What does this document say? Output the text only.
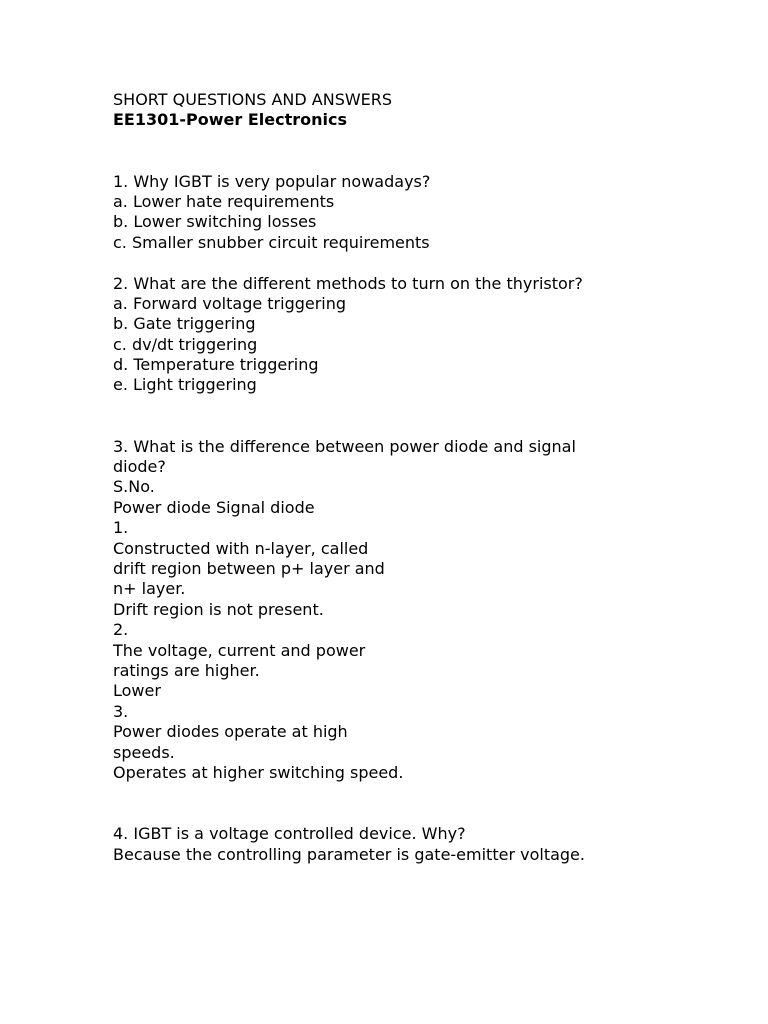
SHORT QUESTIONS AND ANSWERS
EE1301-Power Electronics
1. Why IGBT is very popular nowadays?
a. Lower hate requirements
b. Lower switching losses
c. Smaller snubber circuit requirements
2. What are the different methods to turn on the thyristor?
a. Forward voltage triggering
b. Gate triggering
c. dv/dt triggering
d. Temperature triggering
e. Light triggering
3. What is the difference between power diode and signal
diode?
S.No.
Power diode Signal diode
1.
Constructed with n-layer, called
drift region between p+ layer and
n+ layer.
Drift region is not present.
2.
The voltage, current and power
ratings are higher.
Lower
3.
Power diodes operate at high
speeds.
Operates at higher switching speed.
4. IGBT is a voltage controlled device. Why?
Because the controlling parameter is gate-emitter voltage.
